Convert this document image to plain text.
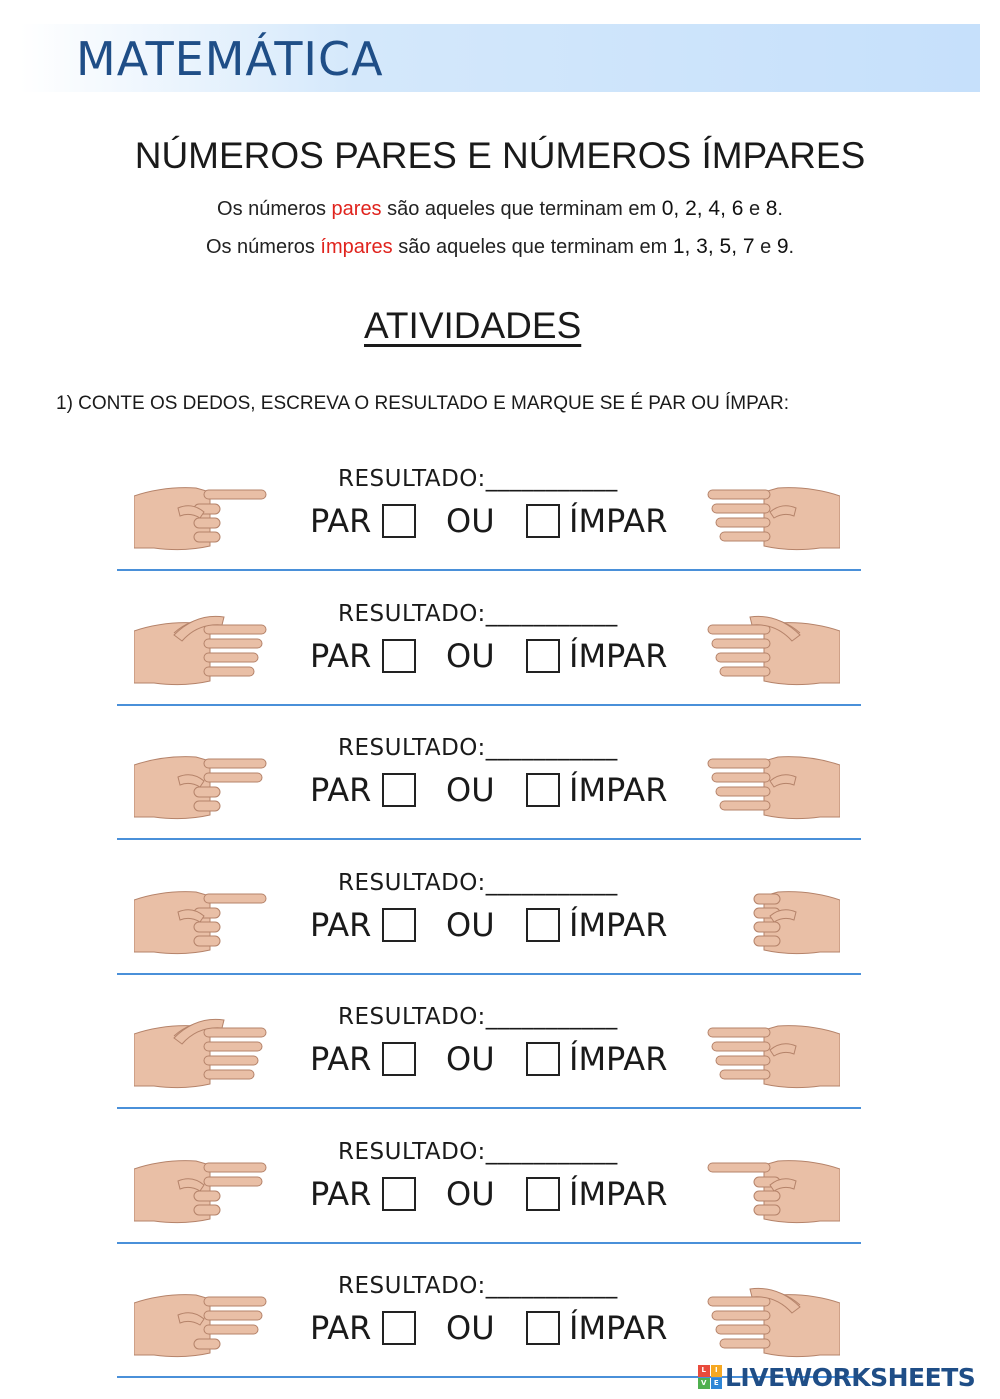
MATEMÁTICA
NÚMEROS PARES E NÚMEROS ÍMPARES
Os números pares são aqueles que terminam em 0, 2, 4, 6 e 8.
Os números ímpares são aqueles que terminam em 1, 3, 5, 7 e 9.
ATIVIDADES
1) CONTE OS DEDOS, ESCREVA O RESULTADO E MARQUE SE É PAR OU ÍMPAR:
RESULTADO:___________
PAR OU ÍMPAR
RESULTADO:___________
PAR OU ÍMPAR
RESULTADO:___________
PAR OU ÍMPAR
RESULTADO:___________
PAR OU ÍMPAR
RESULTADO:___________
PAR OU ÍMPAR
RESULTADO:___________
PAR OU ÍMPAR
RESULTADO:___________
PAR OU ÍMPAR
L	I
V	E LIVEWORKSHEETS
